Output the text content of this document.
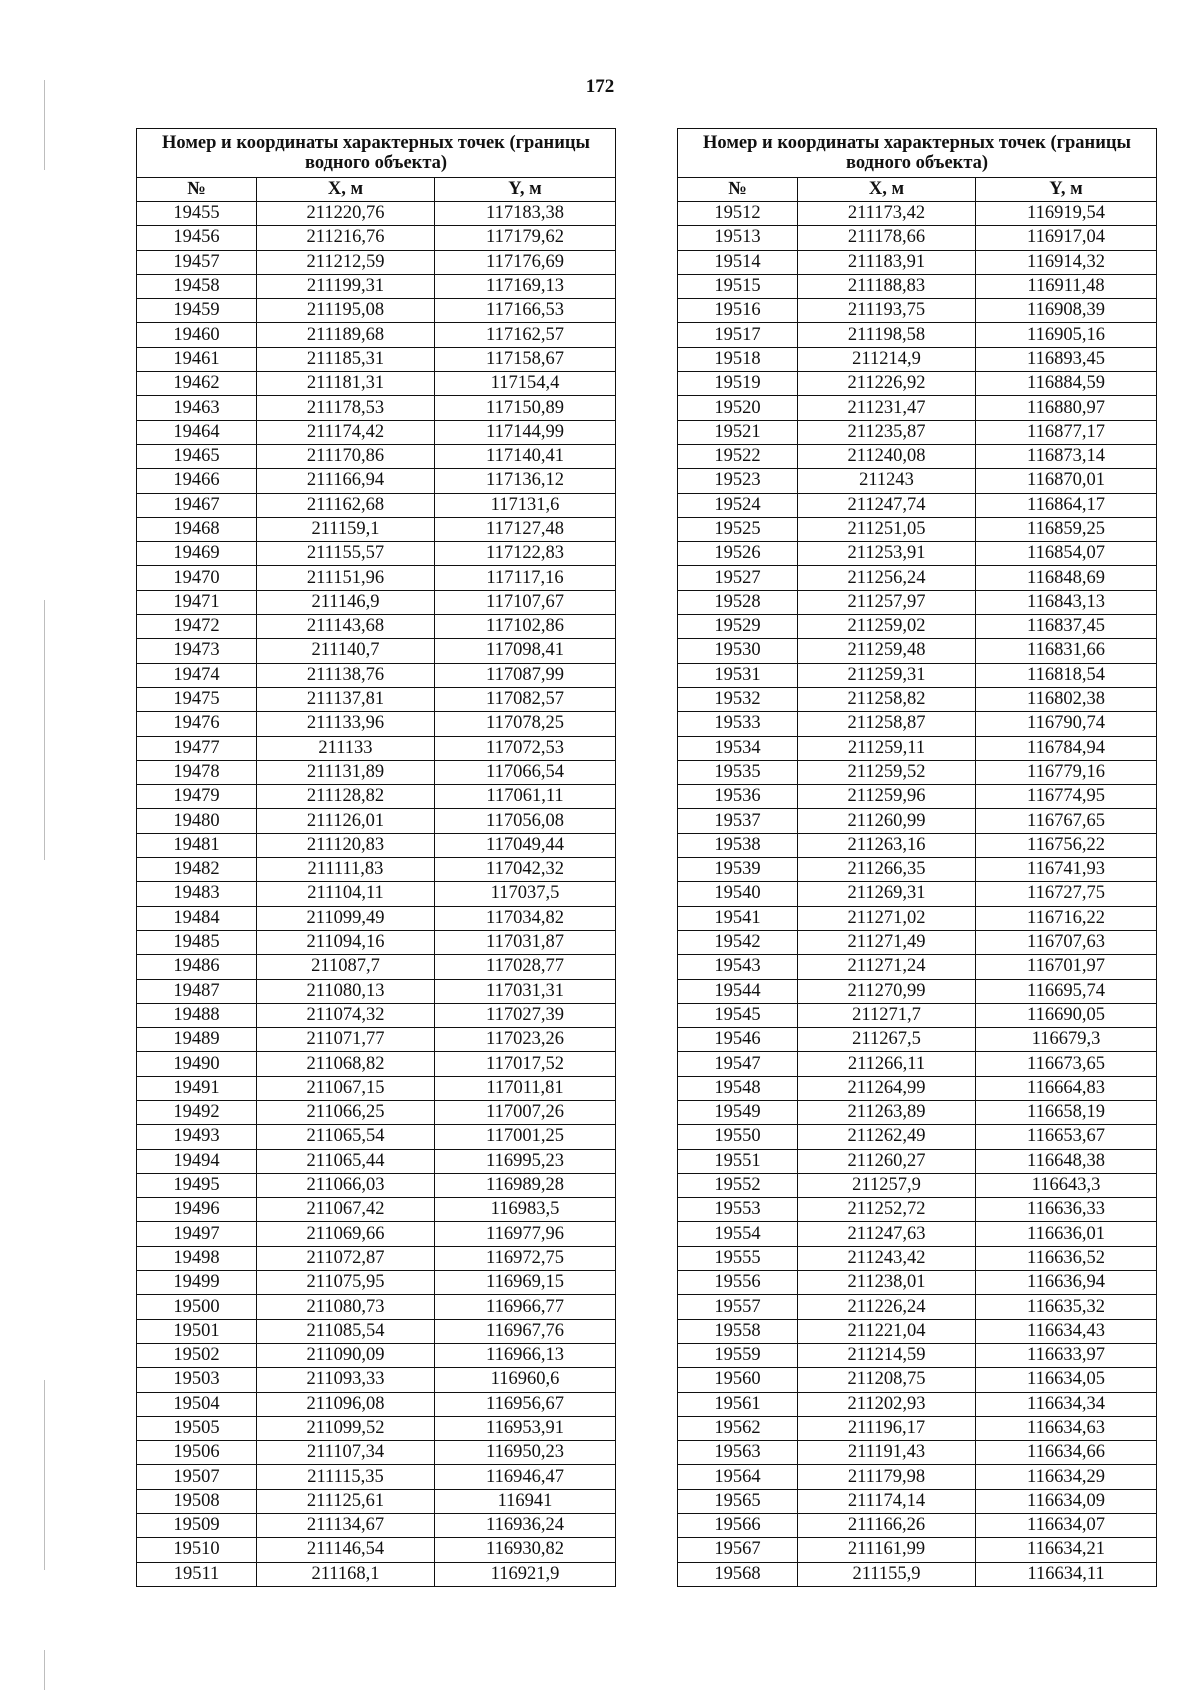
172
Номер и координаты характерных точек (границы водного объекта)		
№	X, м	Y, м
19455	211220,76	117183,38
19456	211216,76	117179,62
19457	211212,59	117176,69
19458	211199,31	117169,13
19459	211195,08	117166,53
19460	211189,68	117162,57
19461	211185,31	117158,67
19462	211181,31	117154,4
19463	211178,53	117150,89
19464	211174,42	117144,99
19465	211170,86	117140,41
19466	211166,94	117136,12
19467	211162,68	117131,6
19468	211159,1	117127,48
19469	211155,57	117122,83
19470	211151,96	117117,16
19471	211146,9	117107,67
19472	211143,68	117102,86
19473	211140,7	117098,41
19474	211138,76	117087,99
19475	211137,81	117082,57
19476	211133,96	117078,25
19477	211133	117072,53
19478	211131,89	117066,54
19479	211128,82	117061,11
19480	211126,01	117056,08
19481	211120,83	117049,44
19482	211111,83	117042,32
19483	211104,11	117037,5
19484	211099,49	117034,82
19485	211094,16	117031,87
19486	211087,7	117028,77
19487	211080,13	117031,31
19488	211074,32	117027,39
19489	211071,77	117023,26
19490	211068,82	117017,52
19491	211067,15	117011,81
19492	211066,25	117007,26
19493	211065,54	117001,25
19494	211065,44	116995,23
19495	211066,03	116989,28
19496	211067,42	116983,5
19497	211069,66	116977,96
19498	211072,87	116972,75
19499	211075,95	116969,15
19500	211080,73	116966,77
19501	211085,54	116967,76
19502	211090,09	116966,13
19503	211093,33	116960,6
19504	211096,08	116956,67
19505	211099,52	116953,91
19506	211107,34	116950,23
19507	211115,35	116946,47
19508	211125,61	116941
19509	211134,67	116936,24
19510	211146,54	116930,82
19511	211168,1	116921,9
Номер и координаты характерных точек (границы водного объекта)		
№	X, м	Y, м
19512	211173,42	116919,54
19513	211178,66	116917,04
19514	211183,91	116914,32
19515	211188,83	116911,48
19516	211193,75	116908,39
19517	211198,58	116905,16
19518	211214,9	116893,45
19519	211226,92	116884,59
19520	211231,47	116880,97
19521	211235,87	116877,17
19522	211240,08	116873,14
19523	211243	116870,01
19524	211247,74	116864,17
19525	211251,05	116859,25
19526	211253,91	116854,07
19527	211256,24	116848,69
19528	211257,97	116843,13
19529	211259,02	116837,45
19530	211259,48	116831,66
19531	211259,31	116818,54
19532	211258,82	116802,38
19533	211258,87	116790,74
19534	211259,11	116784,94
19535	211259,52	116779,16
19536	211259,96	116774,95
19537	211260,99	116767,65
19538	211263,16	116756,22
19539	211266,35	116741,93
19540	211269,31	116727,75
19541	211271,02	116716,22
19542	211271,49	116707,63
19543	211271,24	116701,97
19544	211270,99	116695,74
19545	211271,7	116690,05
19546	211267,5	116679,3
19547	211266,11	116673,65
19548	211264,99	116664,83
19549	211263,89	116658,19
19550	211262,49	116653,67
19551	211260,27	116648,38
19552	211257,9	116643,3
19553	211252,72	116636,33
19554	211247,63	116636,01
19555	211243,42	116636,52
19556	211238,01	116636,94
19557	211226,24	116635,32
19558	211221,04	116634,43
19559	211214,59	116633,97
19560	211208,75	116634,05
19561	211202,93	116634,34
19562	211196,17	116634,63
19563	211191,43	116634,66
19564	211179,98	116634,29
19565	211174,14	116634,09
19566	211166,26	116634,07
19567	211161,99	116634,21
19568	211155,9	116634,11
